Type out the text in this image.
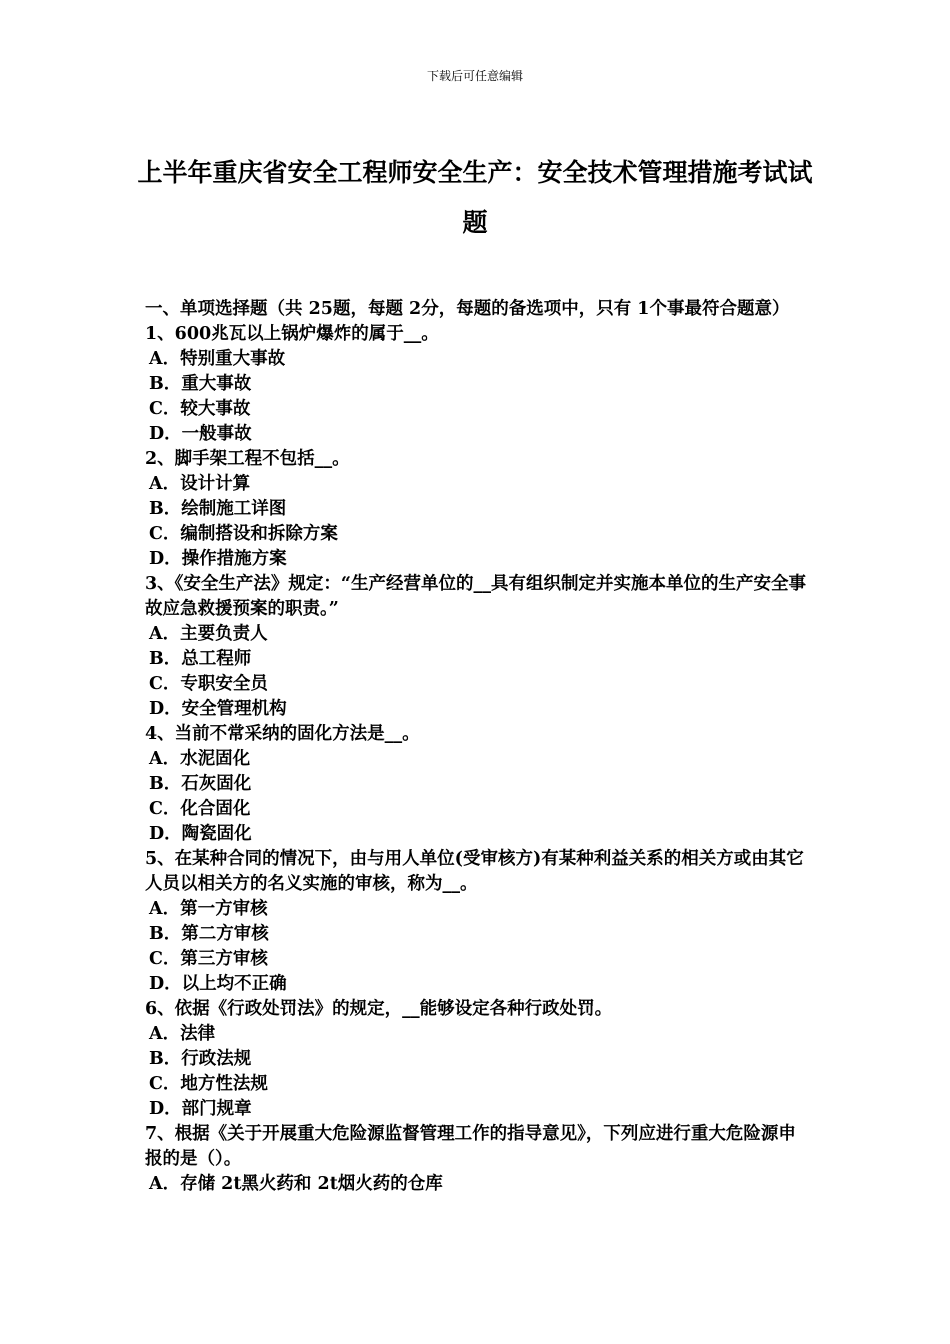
下载后可任意编辑
上半年重庆省安全工程师安全生产：安全技术管理措施考试试题
一、单项选择题（共 25题，每题 2分，每题的备选项中，只有 1个事最符合题意）
1、600兆瓦以上锅炉爆炸的属于__。
A．特别重大事故
B．重大事故
C．较大事故
D．一般事故
2、脚手架工程不包括__。
A．设计计算
B．绘制施工详图
C．编制搭设和拆除方案
D．操作措施方案
3、《安全生产法》规定：“生产经营单位的__具有组织制定并实施本单位的生产安全事故应急救援预案的职责。”
A．主要负责人
B．总工程师
C．专职安全员
D．安全管理机构
4、当前不常采纳的固化方法是__。
A．水泥固化
B．石灰固化
C．化合固化
D．陶瓷固化
5、在某种合同的情况下，由与用人单位(受审核方)有某种利益关系的相关方或由其它人员以相关方的名义实施的审核，称为__。
A．第一方审核
B．第二方审核
C．第三方审核
D．以上均不正确
6、依据《行政处罚法》的规定，__能够设定各种行政处罚。
A．法律
B．行政法规
C．地方性法规
D．部门规章
7、根据《关于开展重大危险源监督管理工作的指导意见》，下列应进行重大危险源申报的是（）。
A．存储 2t黑火药和 2t烟火药的仓库
